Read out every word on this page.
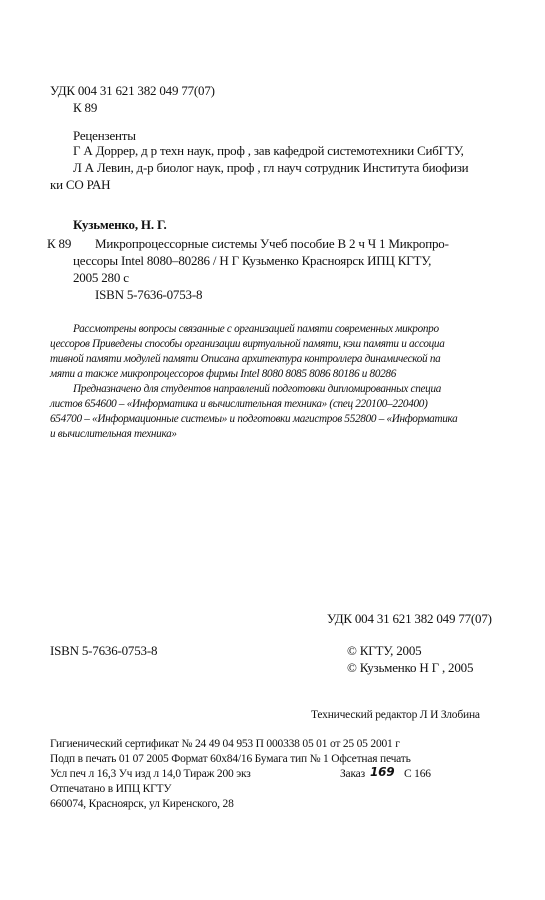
УДК 004 31 621 382 049 77(07)
К 89
Рецензенты
Г А Доррер, д р техн наук, проф , зав кафедрой системотехники СибГТУ,
Л А Левин, д-р биолог наук, проф , гл науч сотрудник Института биофизи
ки СО РАН
Кузьменко, Н. Г.
К 89 Микропроцессорные системы Учеб пособие В 2 ч Ч 1 Микропро-
цессоры Intel 8080–80286 / Н Г Кузьменко Красноярск ИПЦ КГТУ,
2005 280 с
ISBN 5-7636-0753-8
Рассмотрены вопросы связанные с организацией памяти современных микропро
цессоров Приведены способы организации виртуальной памяти, кэш памяти и ассоциа
тивной памяти модулей памяти Описана архитектура контроллера динамической па
мяти а также микропроцессоров фирмы Intel 8080 8085 8086 80186 и 80286
Предназначено для студентов направлений подготовки дипломированных специа
листов 654600 – «Информатика и вычислительная техника» (спец 220100–220400)
654700 – «Информационные системы» и подготовки магистров 552800 – «Информатика
и вычислительная техника»
УДК 004 31 621 382 049 77(07)
ISBN 5-7636-0753-8	© КГТУ, 2005
© Кузьменко Н Г , 2005
Технический редактор Л И Злобина
Гигиенический сертификат № 24 49 04 953 П 000338 05 01 от 25 05 2001 г
Подп в печать 01 07 2005 Формат 60х84/16 Бумага тип № 1 Офсетная печать
Усл печ л 16,3 Уч изд л 14,0 Тираж 200 экз	Заказ 169 С 166
Отпечатано в ИПЦ КГТУ
660074, Красноярск, ул Киренского, 28
